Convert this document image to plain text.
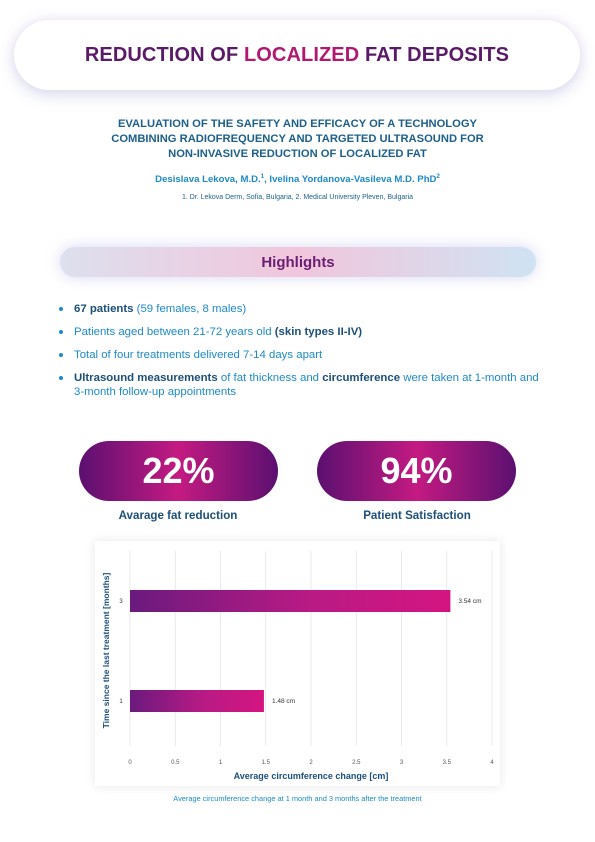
REDUCTION OF LOCALIZED FAT DEPOSITS
EVALUATION OF THE SAFETY AND EFFICACY OF A TECHNOLOGY
COMBINING RADIOFREQUENCY AND TARGETED ULTRASOUND FOR
NON-INVASIVE REDUCTION OF LOCALIZED FAT
Desislava Lekova, M.D.$^1$, Ivelina Yordanova-Vasileva M.D. PhD$^2$
1. Dr. Lekova Derm, Sofia, Bulgaria, 2. Medical University Pleven, Bulgaria
Highlights
67 patients (59 females, 8 males)
Patients aged between 21-72 years old (skin types II-IV)
Total of four treatments delivered 7-14 days apart
Ultrasound measurements of fat thickness and circumference were taken at 1-month and 3-month follow-up appointments
22%
Avarage fat reduction
94%
Patient Satisfaction
0	0.5	1	1.5	2	2.5	3	3.5	4
3.54 cm
3
1.48 cm
1
Average circumference change [cm]
Time since the last treatment [months]
Average circumference change at 1 month and 3 months after the treatment
